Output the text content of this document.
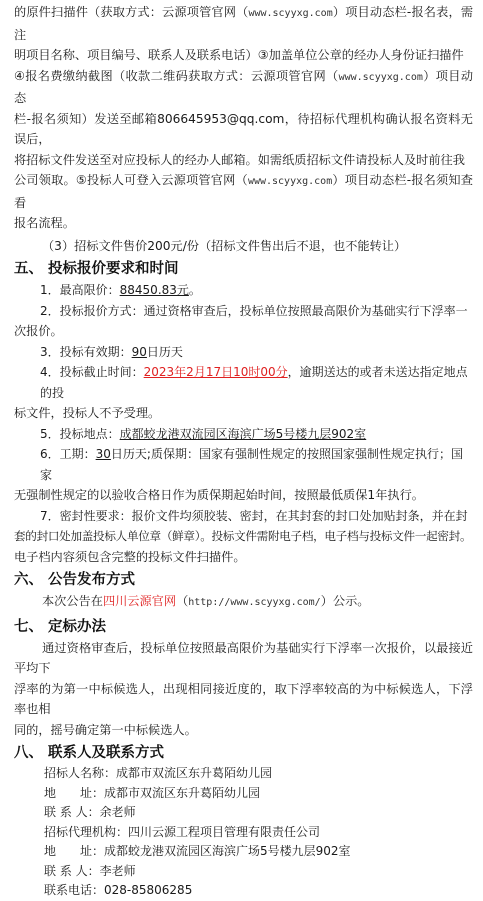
的原件扫描件（获取方式：云源项管官网（www.scyyxg.com）项目动态栏-报名表，需注

明项目名称、项目编号、联系人及联系电话）③加盖单位公章的经办人身份证扫描件

④报名费缴纳截图（收款二维码获取方式：云源项管官网（www.scyyxg.com）项目动态

栏-报名须知）发送至邮箱806645953@qq.com，待招标代理机构确认报名资料无误后，

将招标文件发送至对应投标人的经办人邮箱。如需纸质招标文件请投标人及时前往我

公司领取。⑤投标人可登入云源项管官网（www.scyyxg.com）项目动态栏-报名须知查看

报名流程。

（3）招标文件售价200元/份（招标文件售出后不退，也不能转让）

五、 投标报价要求和时间

1．最高限价：88450.83元。

2．投标报价方式：通过资格审查后，投标单位按照最高限价为基础实行下浮率一

次报价。

3．投标有效期：90日历天

4．投标截止时间：2023年2月17日10时00分，逾期送达的或者未送达指定地点的投

标文件，投标人不予受理。

5．投标地点：成都蛟龙港双流园区海滨广场5号楼九层902室

6．工期：30日历天;质保期：国家有强制性规定的按照国家强制性规定执行；国家

无强制性规定的以验收合格日作为质保期起始时间，按照最低质保1年执行。

7．密封性要求：报价文件均须胶装、密封，在其封套的封口处加贴封条，并在封

套的封口处加盖投标人单位章（鲜章）。投标文件需附电子档，电子档与投标文件一起密封。

电子档内容须包含完整的投标文件扫描件。

六、 公告发布方式

本次公告在四川云源官网（http://www.scyyxg.com/）公示。

七、 定标办法

通过资格审查后，投标单位按照最高限价为基础实行下浮率一次报价，以最接近平均下

浮率的为第一中标候选人，出现相同接近度的，取下浮率较高的为中标候选人，下浮率也相

同的，摇号确定第一中标候选人。

八、 联系人及联系方式

招标人名称：成都市双流区东升葛陌幼儿园

地　　址：成都市双流区东升葛陌幼儿园

联 系 人：余老师

招标代理机构：四川云源工程项目管理有限责任公司

地　　址：成都蛟龙港双流园区海滨广场5号楼九层902室

联 系 人：李老师

联系电话：028-85806285
